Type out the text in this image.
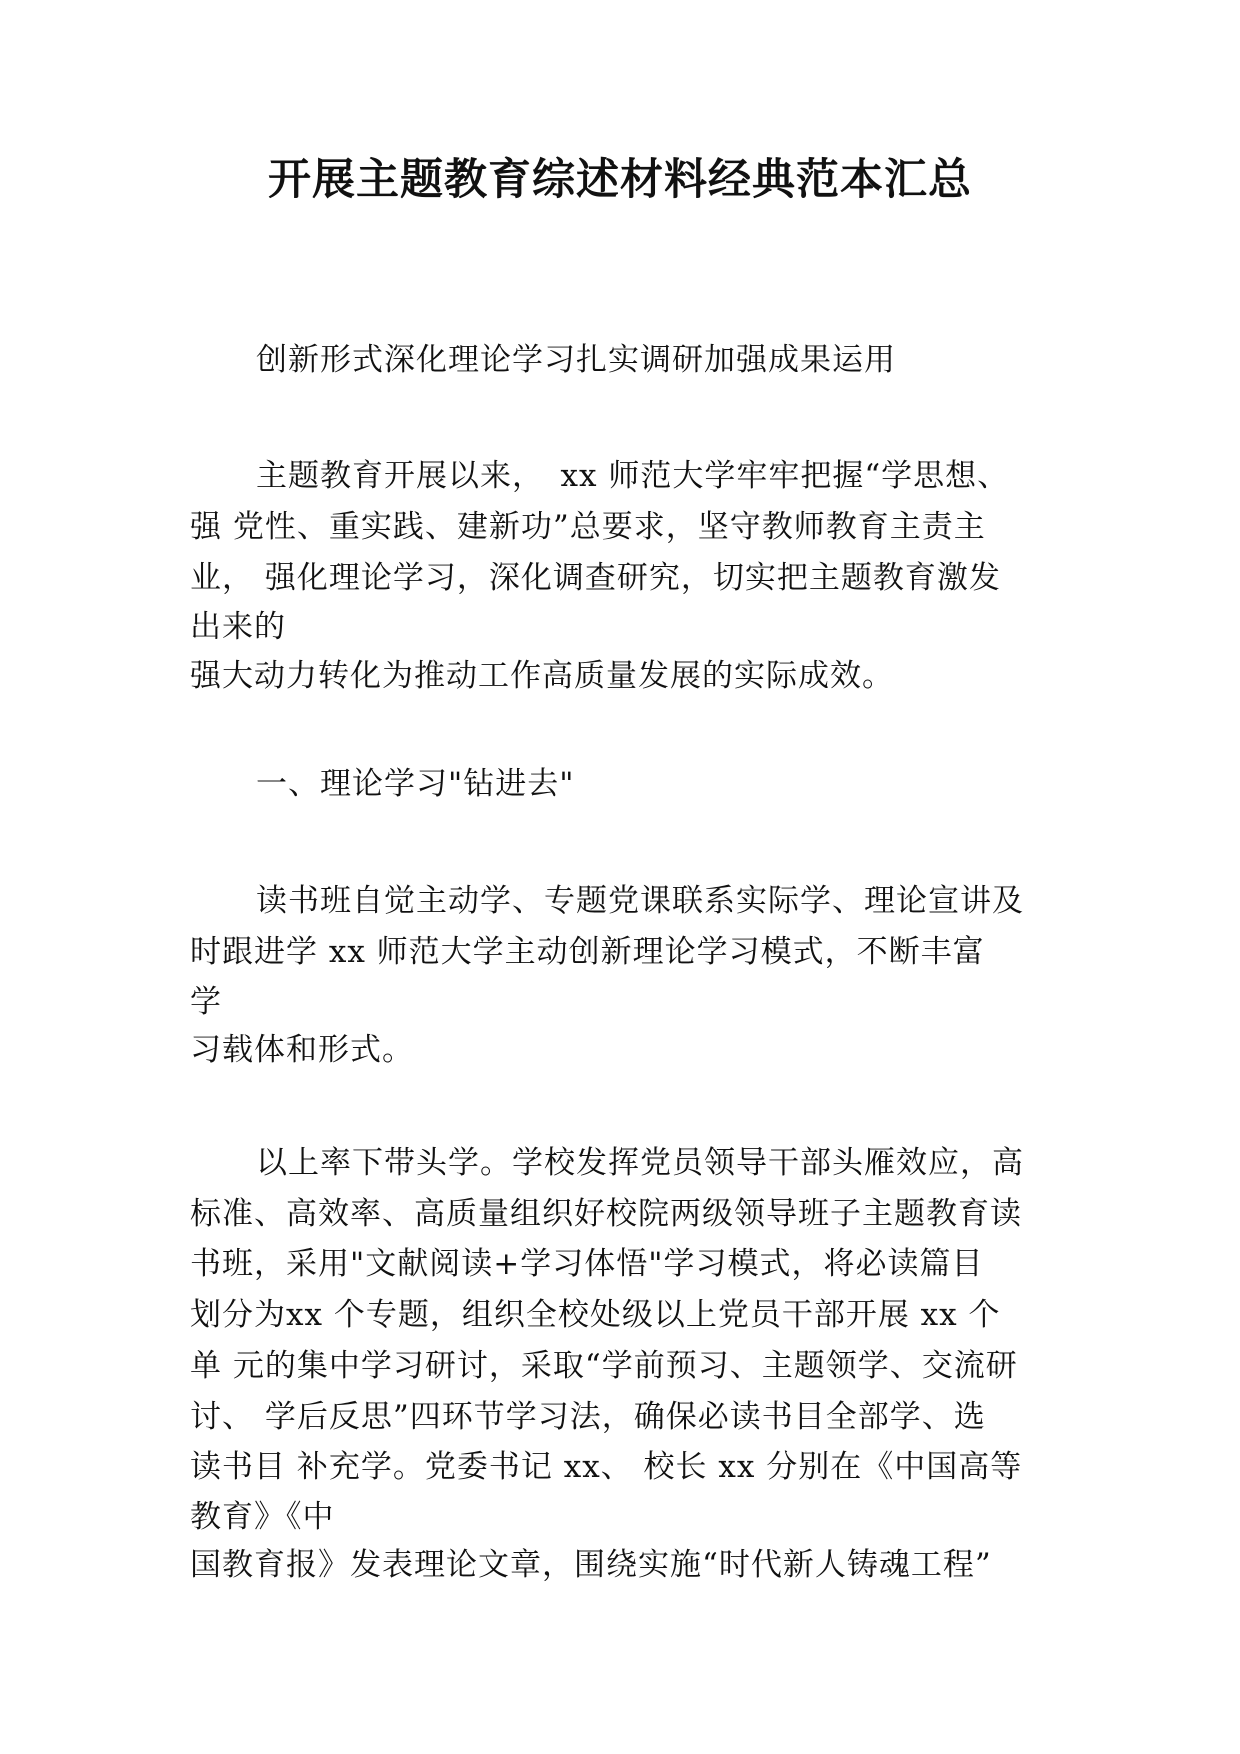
开展主题教育综述材料经典范本汇总
创新形式深化理论学习扎实调研加强成果运用
主题教育开展以来，　xx 师范大学牢牢把握“学思想、
强 党性、重实践、建新功”总要求，坚守教师教育主责主
业， 强化理论学习，深化调查研究，切实把主题教育激发
出来的
强大动力转化为推动工作高质量发展的实际成效。
一、理论学习"钻进去"
读书班自觉主动学、专题党课联系实际学、理论宣讲及
时跟进学 xx 师范大学主动创新理论学习模式，不断丰富
学
习载体和形式。
以上率下带头学。学校发挥党员领导干部头雁效应，高
标准、高效率、高质量组织好校院两级领导班子主题教育读
书班，采用"文献阅读+学习体悟"学习模式，将必读篇目
划分为xx 个专题，组织全校处级以上党员干部开展 xx 个
单 元的集中学习研讨，采取“学前预习、主题领学、交流研
讨、 学后反思”四环节学习法，确保必读书目全部学、选
读书目 补充学。党委书记 xx、 校长 xx 分别在《中国高等
教育》《中
国教育报》发表理论文章，围绕实施“时代新人铸魂工程”
